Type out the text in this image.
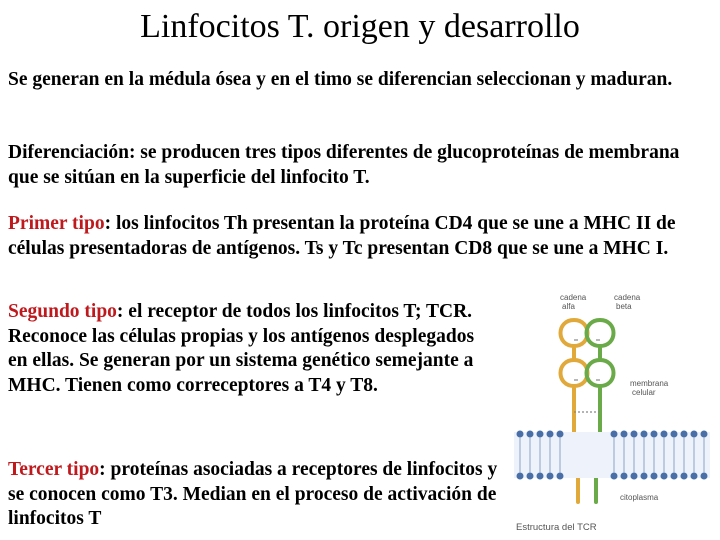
Linfocitos T. origen y desarrollo

Se generan en la médula ósea y en el timo se diferencian seleccionan y maduran.

Diferenciación: se producen tres tipos diferentes de glucoproteínas de membrana que se sitúan en la superficie del linfocito T.

Primer tipo: los linfocitos Th presentan la proteína CD4 que se une a MHC II de células presentadoras de antígenos. Ts y Tc presentan CD8 que se une a MHC I.

Segundo tipo: el receptor de todos los linfocitos T; TCR. Reconoce las células propias y los antígenos desplegados en ellas. Se generan por un sistema genético semejante a MHC. Tienen como correceptores a T4 y T8.

Tercer tipo: proteínas asociadas a receptores de linfocitos y se conocen como T3. Median en el proceso de activación de linfocitos T

cadena
alfa
cadena
beta
membrana
celular
citoplasma
Estructura del TCR
